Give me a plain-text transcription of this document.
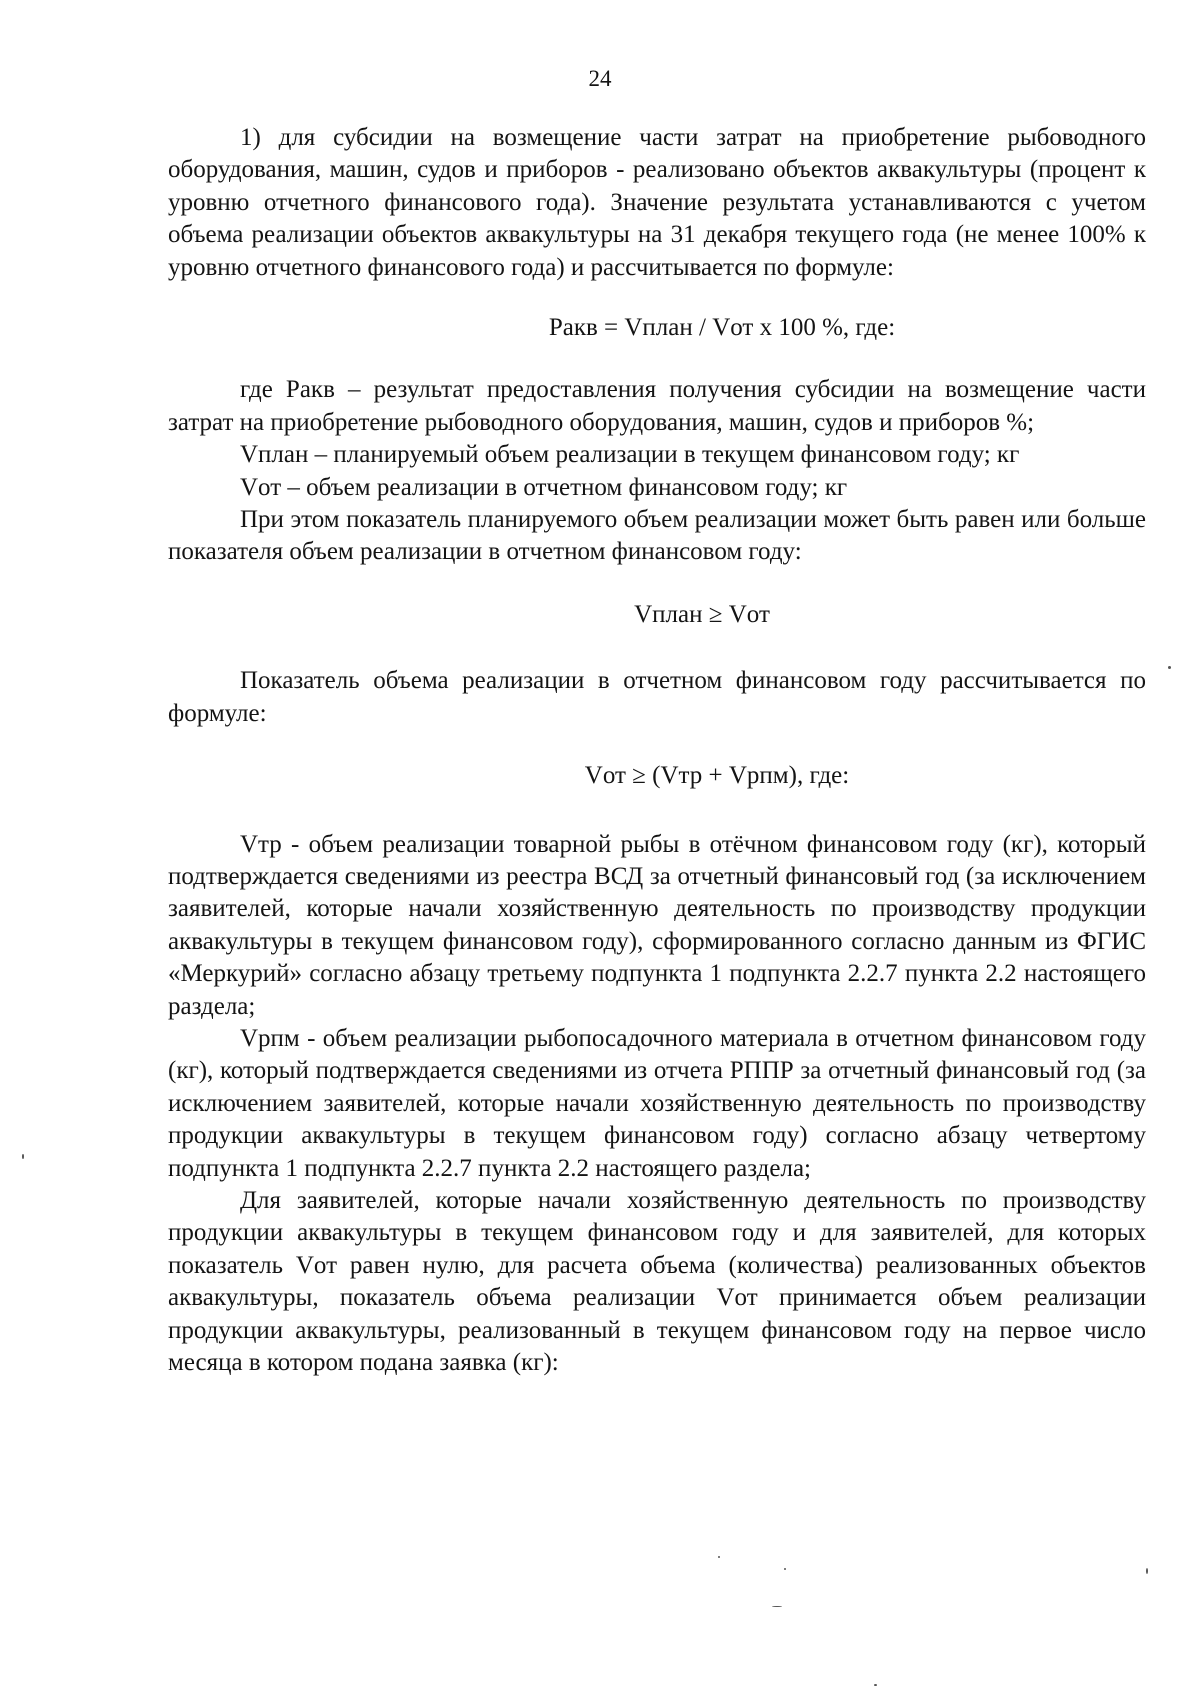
24

1) для субсидии на возмещение части затрат на приобретение рыбоводного оборудования, машин, судов и приборов - реализовано объектов аквакультуры (процент к уровню отчетного финансового года). Значение результата устанавливаются с учетом объема реализации объектов аквакультуры на 31 декабря текущего года (не менее 100% к уровню отчетного финансового года) и рассчитывается по формуле:

Ракв = Vплан / Vот х 100 %, где:

где Ракв – результат предоставления получения субсидии на возмещение части затрат на приобретение рыбоводного оборудования, машин, судов и приборов %;

Vплан – планируемый объем реализации в текущем финансовом году; кг

Vот – объем реализации в отчетном финансовом году; кг

При этом показатель планируемого объем реализации может быть равен или больше показателя объем реализации в отчетном финансовом году:

Vплан ≥ Vот

Показатель объема реализации в отчетном финансовом году рассчитывается по формуле:

Vот ≥ (Vтр + Vрпм), где:

Vтр - объем реализации товарной рыбы в отёчном финансовом году (кг), который подтверждается сведениями из реестра ВСД за отчетный финансовый год (за исключением заявителей, которые начали хозяйственную деятельность по производству продукции аквакультуры в текущем финансовом году), сформированного согласно данным из ФГИС «Меркурий» согласно абзацу третьему подпункта 1 подпункта 2.2.7 пункта 2.2 настоящего раздела;

Vрпм - объем реализации рыбопосадочного материала в отчетном финансовом году (кг), который подтверждается сведениями из отчета РППР за отчетный финансовый год (за исключением заявителей, которые начали хозяйственную деятельность по производству продукции аквакультуры в текущем финансовом году) согласно абзацу четвертому подпункта 1 подпункта 2.2.7 пункта 2.2 настоящего раздела;

Для заявителей, которые начали хозяйственную деятельность по производству продукции аквакультуры в текущем финансовом году и для заявителей, для которых показатель Vот равен нулю, для расчета объема (количества) реализованных объектов аквакультуры, показатель объема реализации Vот принимается объем реализации продукции аквакультуры, реализованный в текущем финансовом году на первое число месяца в котором подана заявка (кг):
